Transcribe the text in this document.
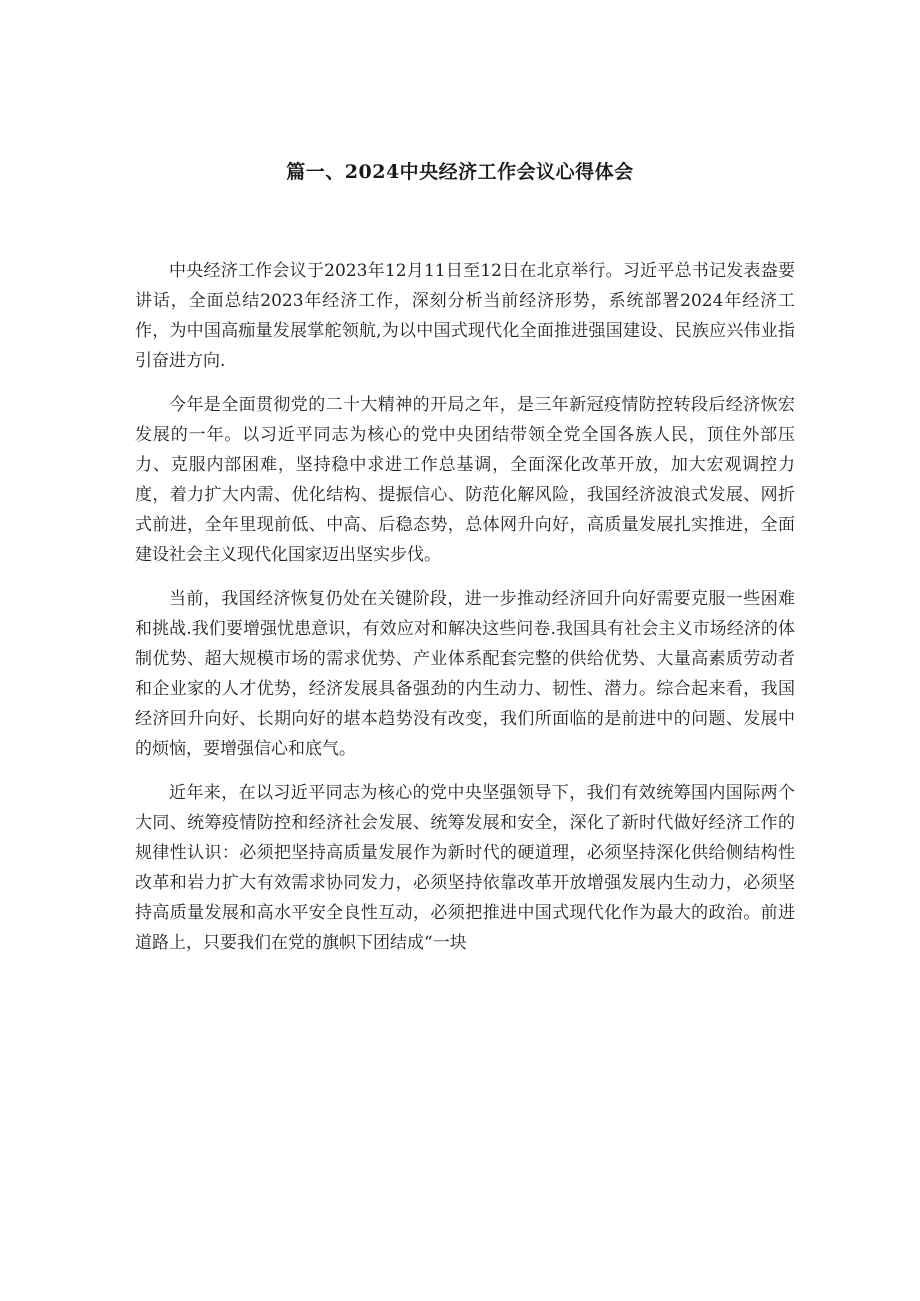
篇一、2024中央经济工作会议心得体会

中央经济工作会议于2023年12月11日至12日在北京举行。习近平总书记发表盎要讲话，全面总结2023年经济工作，深刻分析当前经济形势，系统部署2024年经济工作，为中国高痂量发展掌舵领航,为以中国式现代化全面推进强国建设、民族应兴伟业指引奋进方向.

今年是全面贯彻党的二十大精神的开局之年，是三年新冠疫情防控转段后经济恢宏发展的一年。以习近平同志为核心的党中央团结带领全党全国各族人民，顶住外部压力、克服内部困难，坚持稳中求进工作总基调，全面深化改革开放，加大宏观调控力度，着力扩大内需、优化结构、提振信心、防范化解风险，我国经济波浪式发展、网折式前进，全年里现前低、中高、后稳态势，总体网升向好，高质量发展扎实推进，全面建设社会主义现代化国家迈出坚实步伐。

当前，我国经济恢复仍处在关键阶段，进一步推动经济回升向好需要克服一些困难和挑战.我们要增强忧患意识，有效应对和解决这些问卷.我国具有社会主义市场经济的体制优势、超大规模市场的需求优势、产业体系配套完整的供给优势、大量高素质劳动者和企业家的人才优势，经济发展具备强劲的内生动力、韧性、潜力。综合起来看，我国经济回升向好、长期向好的堪本趋势没有改变，我们所面临的是前进中的问题、发展中的烦恼，要增强信心和底气。

近年来，在以习近平同志为核心的党中央坚强领导下，我们有效统筹国内国际两个大同、统筹疫情防控和经济社会发展、统筹发展和安全，深化了新时代做好经济工作的规律性认识：必须把坚持高质量发展作为新时代的硬道理，必须坚持深化供给侧结构性改革和岩力扩大有效需求协同发力，必须坚持依靠改革开放增强发展内生动力，必须坚持高质量发展和高水平安全良性互动，必须把推进中国式现代化作为最大的政治。前进道路上，只要我们在党的旗帜下团结成“一块
